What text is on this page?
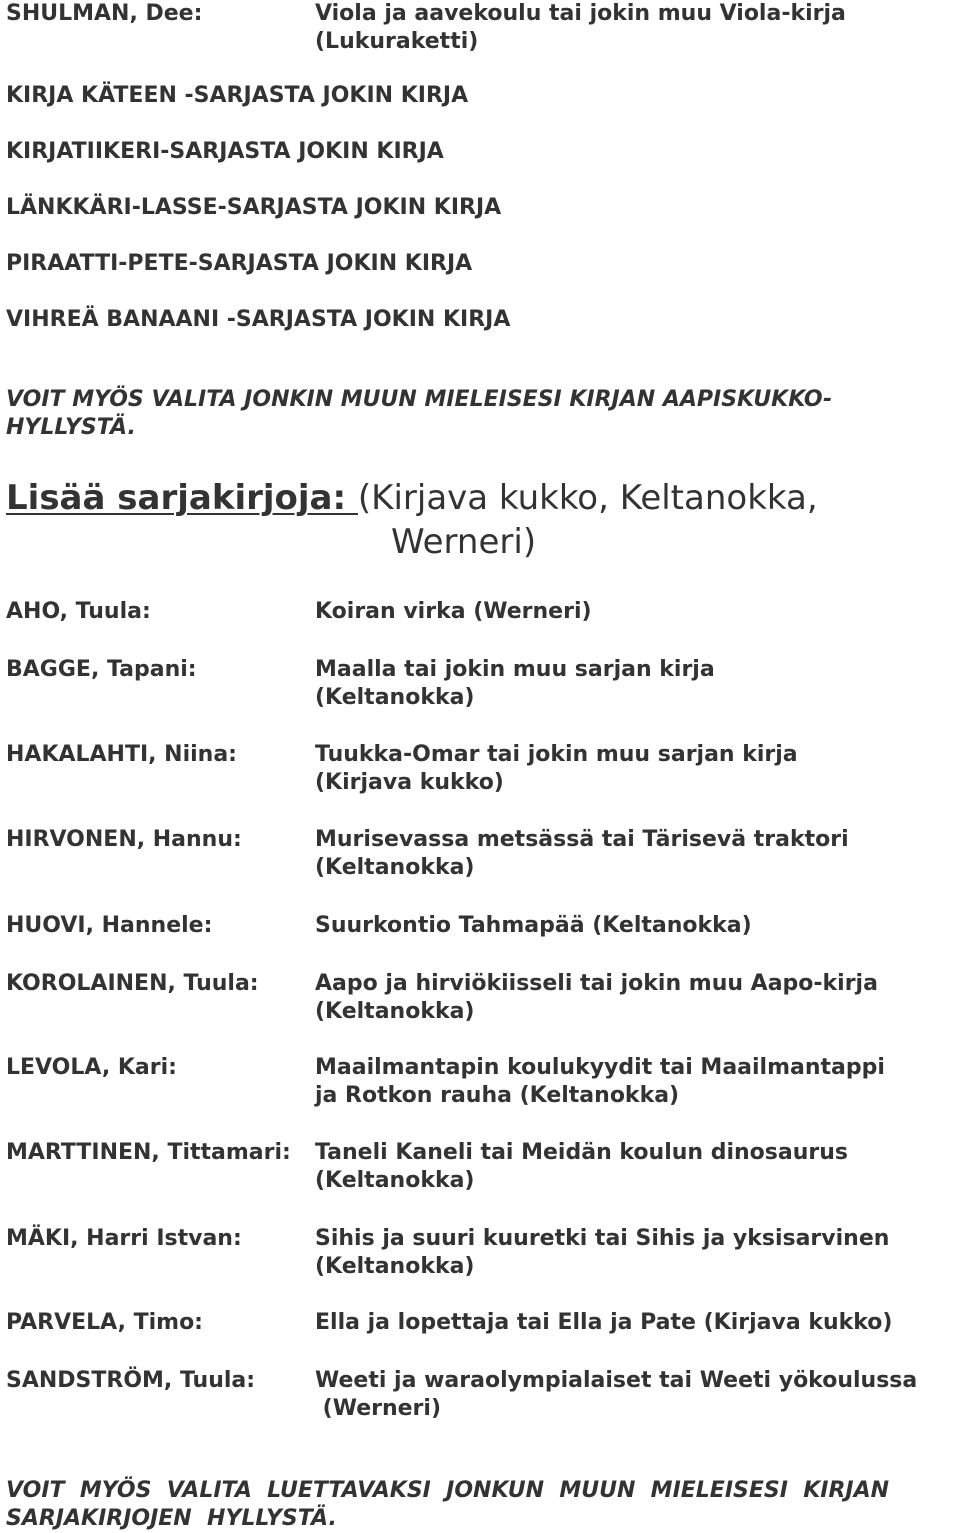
SHULMAN, Dee:	Viola ja aavekoulu tai jokin muu Viola-kirja
(Lukuraketti)
KIRJA KÄTEEN -SARJASTA JOKIN KIRJA
KIRJATIIKERI-SARJASTA JOKIN KIRJA
LÄNKKÄRI-LASSE-SARJASTA JOKIN KIRJA
PIRAATTI-PETE-SARJASTA JOKIN KIRJA
VIHREÄ BANAANI -SARJASTA JOKIN KIRJA
VOIT MYÖS VALITA JONKIN MUUN MIELEISESI KIRJAN AAPISKUKKO-
HYLLYSTÄ.
Lisää sarjakirjoja: (Kirjava kukko, Keltanokka,
Werneri)
AHO, Tuula:	Koiran virka (Werneri)
BAGGE, Tapani:	Maalla tai jokin muu sarjan kirja
(Keltanokka)
HAKALAHTI, Niina:	Tuukka-Omar tai jokin muu sarjan kirja
(Kirjava kukko)
HIRVONEN, Hannu:	Murisevassa metsässä tai Tärisevä traktori
(Keltanokka)
HUOVI, Hannele:	Suurkontio Tahmapää (Keltanokka)
KOROLAINEN, Tuula:	Aapo ja hirviökiisseli tai jokin muu Aapo-kirja
(Keltanokka)
LEVOLA, Kari:	Maailmantapin koulukyydit tai Maailmantappi
ja Rotkon rauha (Keltanokka)
MARTTINEN, Tittamari: Taneli Kaneli tai Meidän koulun dinosaurus
(Keltanokka)
MÄKI, Harri Istvan:	Sihis ja suuri kuuretki tai Sihis ja yksisarvinen
(Keltanokka)
PARVELA, Timo:	Ella ja lopettaja tai Ella ja Pate (Kirjava kukko)
SANDSTRÖM, Tuula:	Weeti ja waraolympialaiset tai Weeti yökoulussa
(Werneri)
VOIT  MYÖS  VALITA  LUETTAVAKSI  JONKUN  MUUN  MIELEISESI  KIRJAN
SARJAKIRJOJEN  HYLLYSTÄ.
